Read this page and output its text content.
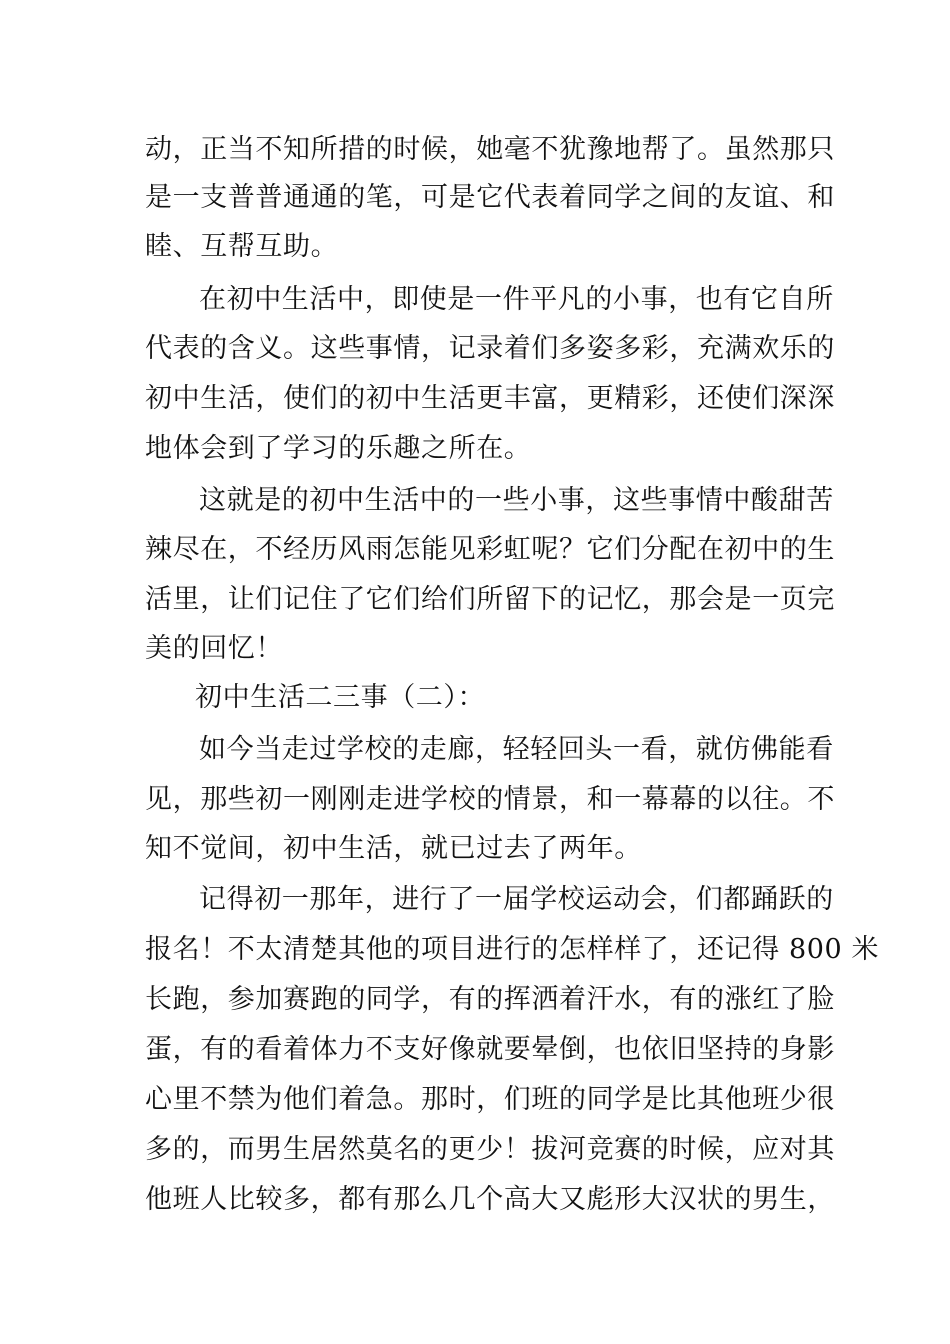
动，正当不知所措的时候，她毫不犹豫地帮了。虽然那只
是一支普普通通的笔，可是它代表着同学之间的友谊、和
睦、互帮互助。
在初中生活中，即使是一件平凡的小事，也有它自所
代表的含义。这些事情，记录着们多姿多彩，充满欢乐的
初中生活，使们的初中生活更丰富，更精彩，还使们深深
地体会到了学习的乐趣之所在。
这就是的初中生活中的一些小事，这些事情中酸甜苦
辣尽在，不经历风雨怎能见彩虹呢？它们分配在初中的生
活里，让们记住了它们给们所留下的记忆，那会是一页完
美的回忆！
初中生活二三事（二）：
如今当走过学校的走廊，轻轻回头一看，就仿佛能看
见，那些初一刚刚走进学校的情景，和一幕幕的以往。不
知不觉间，初中生活，就已过去了两年。
记得初一那年，进行了一届学校运动会，们都踊跃的
报名！不太清楚其他的项目进行的怎样样了，还记得 800 米
长跑，参加赛跑的同学，有的挥洒着汗水，有的涨红了脸
蛋，有的看着体力不支好像就要晕倒，也依旧坚持的身影
心里不禁为他们着急。那时，们班的同学是比其他班少很
多的，而男生居然莫名的更少！拔河竞赛的时候，应对其
他班人比较多，都有那么几个高大又彪形大汉状的男生，
